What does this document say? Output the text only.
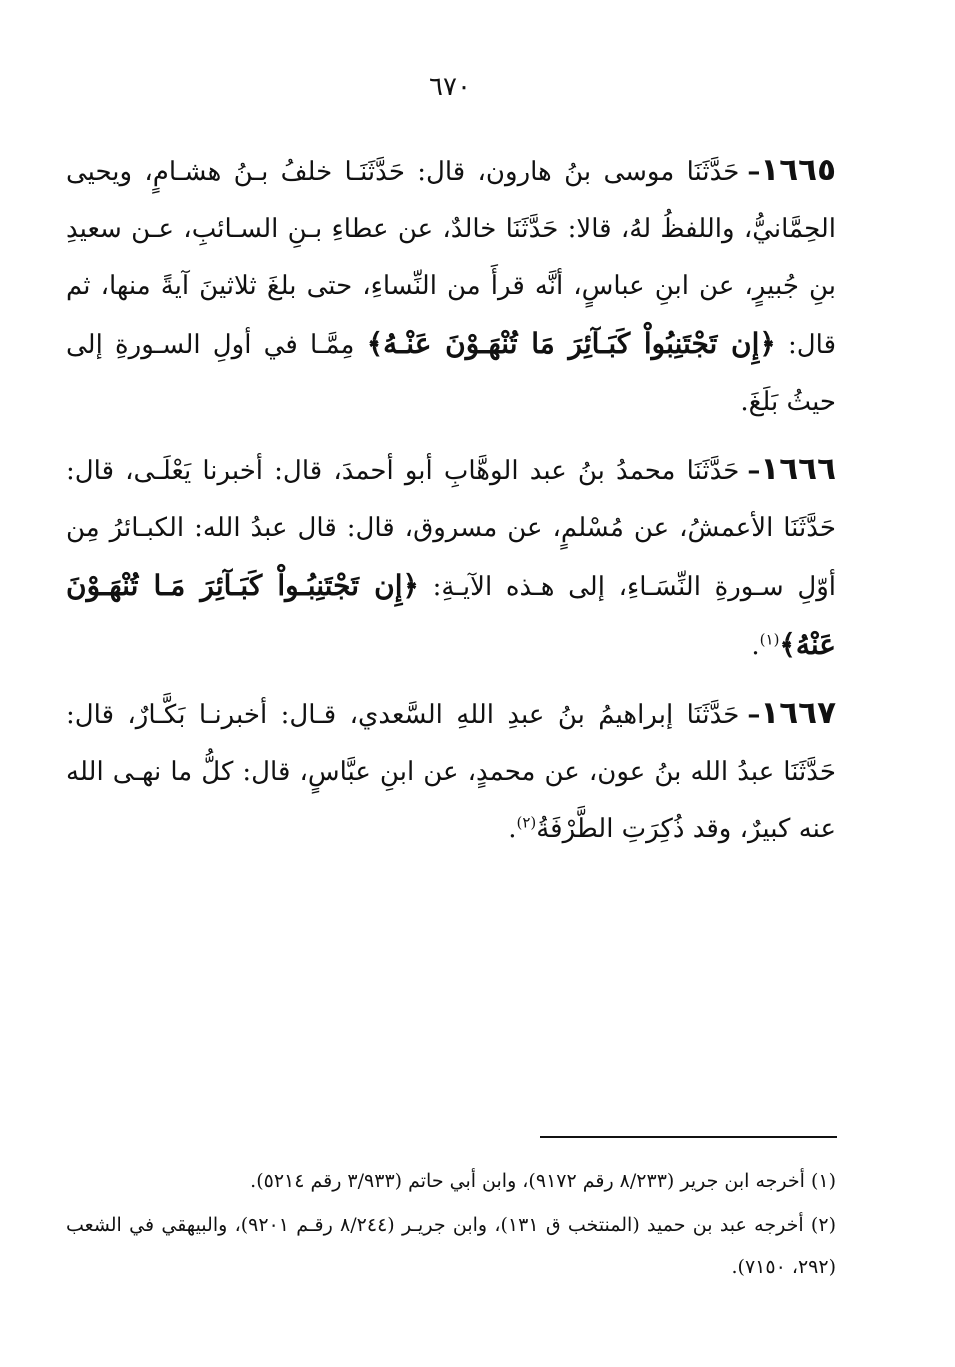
٦٧٠

١٦٦٥–حَدَّثَنَا موسى بنُ هارون، قال: حَدَّثَنَـا خلفُ بـنُ هشـامٍ، ويحيى الحِمَّانيُّ، واللفظُ لهُ، قالا: حَدَّثَنَا خالدٌ، عن عطاءِ بـنِ السـائبِ، عـن سعيدِ بنِ جُبيرٍ، عن ابنِ عباسٍ، أنَّه قرأَ من النِّساءِ، حتى بلغَ ثلاثينَ آيةً منها، ثم قال: ﴿إِن تَجْتَنِبُواْ كَبَـآئِرَ مَا تُنْهَـوْنَ عَنْـهُ﴾ مِمَّـا في أولِ السـورةِ إلى حيثُ بَلَغَ.

١٦٦٦–حَدَّثَنَا محمدُ بنُ عبد الوهَّابِ أبو أحمدَ، قال: أخبرنا يَعْلَـى، قال: حَدَّثَنَا الأعمشُ، عن مُسْلمٍ، عن مسروق، قال: قال عبدُ الله: الكبـائرُ مِن أوّلِ سـورةِ النِّسَـاءِ، إلى هـذه الآيـةِ: ﴿إِن تَجْتَنِبُـواْ كَبَـآئِرَ مَـا تُنْهَـوْنَ عَنْهُ﴾$^{(١)}$.

١٦٦٧–حَدَّثَنَا إبراهيمُ بنُ عبدِ اللهِ السَّعدي، قـال: أخبرنـا بَكَّـارٌ، قال: حَدَّثَنَا عبدُ الله بنُ عون، عن محمدٍ، عن ابنِ عبَّاسٍ، قال: كلُّ ما نهـى الله عنه كبيرٌ، وقد ذُكِرَتِ الطَّرْفَةُ$^{(٢)}$.

(١) أخرجه ابن جرير (٨/٢٣٣ رقم ٩١٧٢)، وابن أبي حاتم (٣/٩٣٣ رقم ٥٢١٤).

(٢) أخرجه عبد بن حميد (المنتخب ق ١٣١)، وابن جريـر (٨/٢٤٤ رقـم ٩٢٠١)، والبيهقي في الشعب (٢٩٢، ٧١٥٠).
